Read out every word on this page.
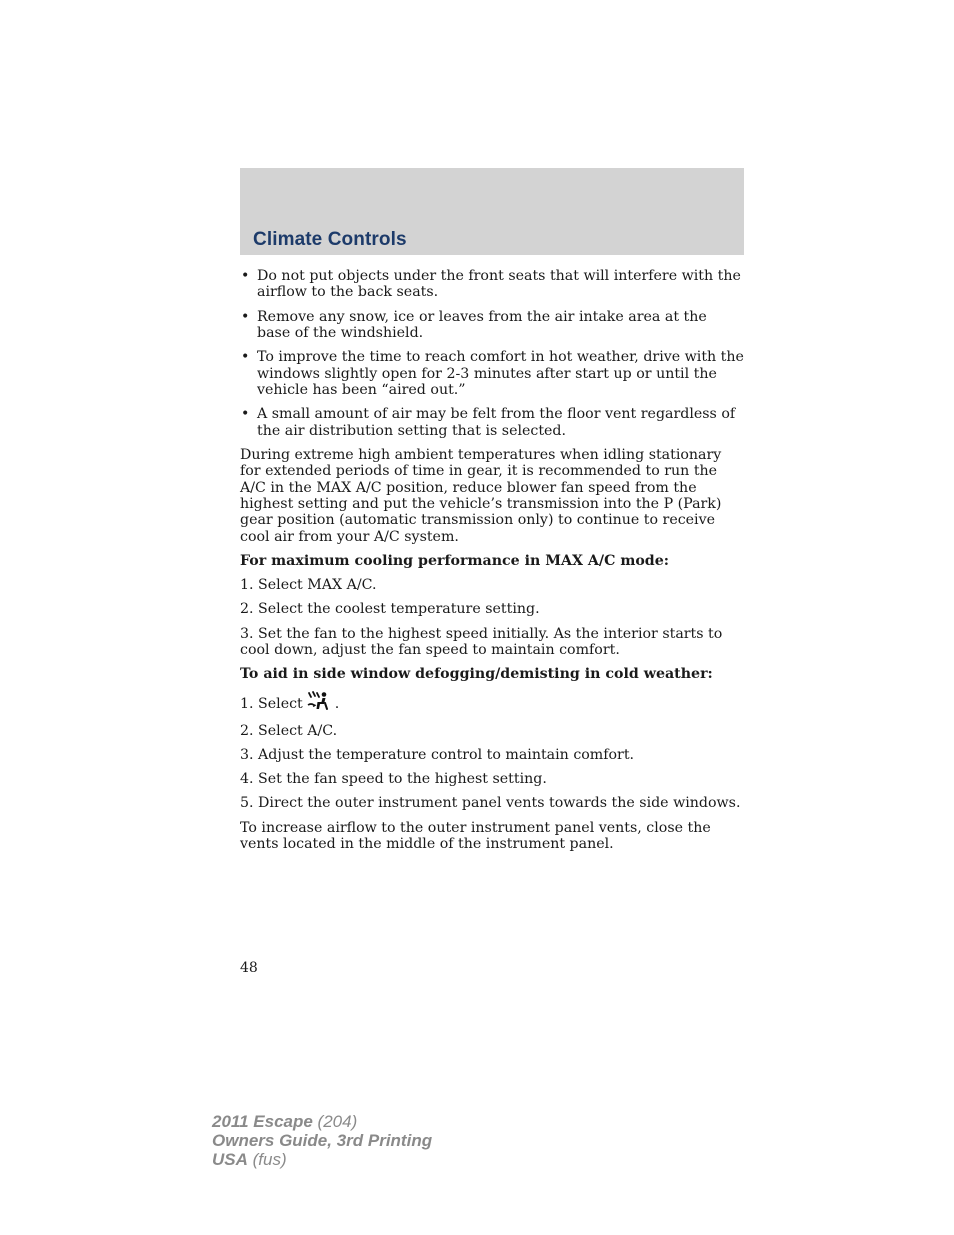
Climate Controls
• Do not put objects under the front seats that will interfere with the airflow to the back seats.
• Remove any snow, ice or leaves from the air intake area at the base of the windshield.
• To improve the time to reach comfort in hot weather, drive with the windows slightly open for 2-3 minutes after start up or until the vehicle has been “aired out.”
• A small amount of air may be felt from the floor vent regardless of the air distribution setting that is selected.

During extreme high ambient temperatures when idling stationary for extended periods of time in gear, it is recommended to run the A/C in the MAX A/C position, reduce blower fan speed from the highest setting and put the vehicle’s transmission into the P (Park) gear position (automatic transmission only) to continue to receive cool air from your A/C system.

For maximum cooling performance in MAX A/C mode:

1. Select MAX A/C.

2. Select the coolest temperature setting.

3. Set the fan to the highest speed initially. As the interior starts to cool down, adjust the fan speed to maintain comfort.

To aid in side window defogging/demisting in cold weather:

1. Select .

2. Select A/C.

3. Adjust the temperature control to maintain comfort.

4. Set the fan speed to the highest setting.

5. Direct the outer instrument panel vents towards the side windows.

To increase airflow to the outer instrument panel vents, close the vents located in the middle of the instrument panel.

48
2011 Escape (204)
Owners Guide, 3rd Printing
USA (fus)
